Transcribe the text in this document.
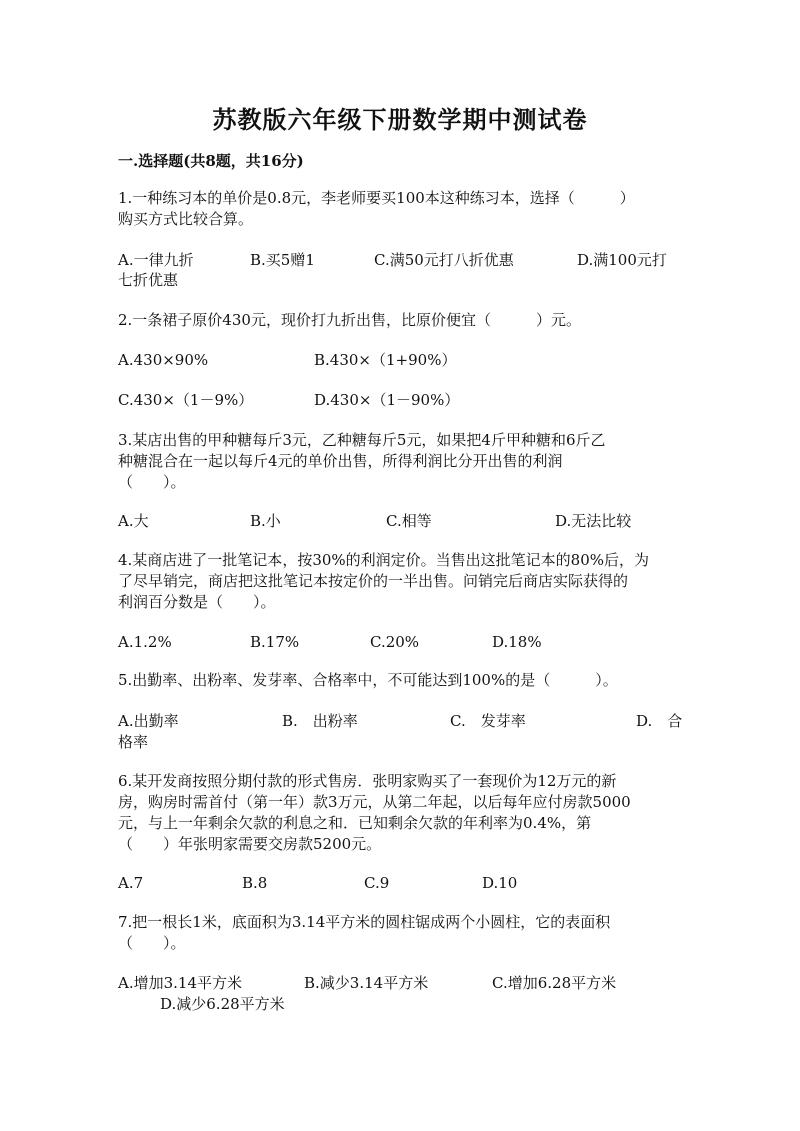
苏教版六年级下册数学期中测试卷
一.选择题(共8题，共16分)
1.一种练习本的单价是0.8元，李老师要买100本这种练习本，选择（　　　）
购买方式比较合算。
A.一律九折	B.买5赠1	C.满50元打八折优惠	D.满100元打
七折优惠
2.一条裙子原价430元，现价打九折出售，比原价便宜（　　　）元。
A.430×90%	B.430×（1+90%）
C.430×（1－9%）	D.430×（1－90%）
3.某店出售的甲种糖每斤3元，乙种糖每斤5元，如果把4斤甲种糖和6斤乙
种糖混合在一起以每斤4元的单价出售，所得利润比分开出售的利润
（　　）。
A.大	B.小	C.相等	D.无法比较
4.某商店进了一批笔记本，按30%的利润定价。当售出这批笔记本的80%后，为
了尽早销完，商店把这批笔记本按定价的一半出售。问销完后商店实际获得的
利润百分数是（　　）。
A.1.2%	B.17%	C.20%	D.18%
5.出勤率、出粉率、发芽率、合格率中，不可能达到100%的是（　　　）。
A.出勤率	B.　出粉率	C.　发芽率	D.　合
格率
6.某开发商按照分期付款的形式售房．张明家购买了一套现价为12万元的新
房，购房时需首付（第一年）款3万元，从第二年起，以后每年应付房款5000
元，与上一年剩余欠款的利息之和．已知剩余欠款的年利率为0.4%，第
（　　）年张明家需要交房款5200元。
A.7	B.8	C.9	D.10
7.把一根长1米，底面积为3.14平方米的圆柱锯成两个小圆柱，它的表面积
（　　）。
A.增加3.14平方米	B.减少3.14平方米	C.增加6.28平方米
D.减少6.28平方米
